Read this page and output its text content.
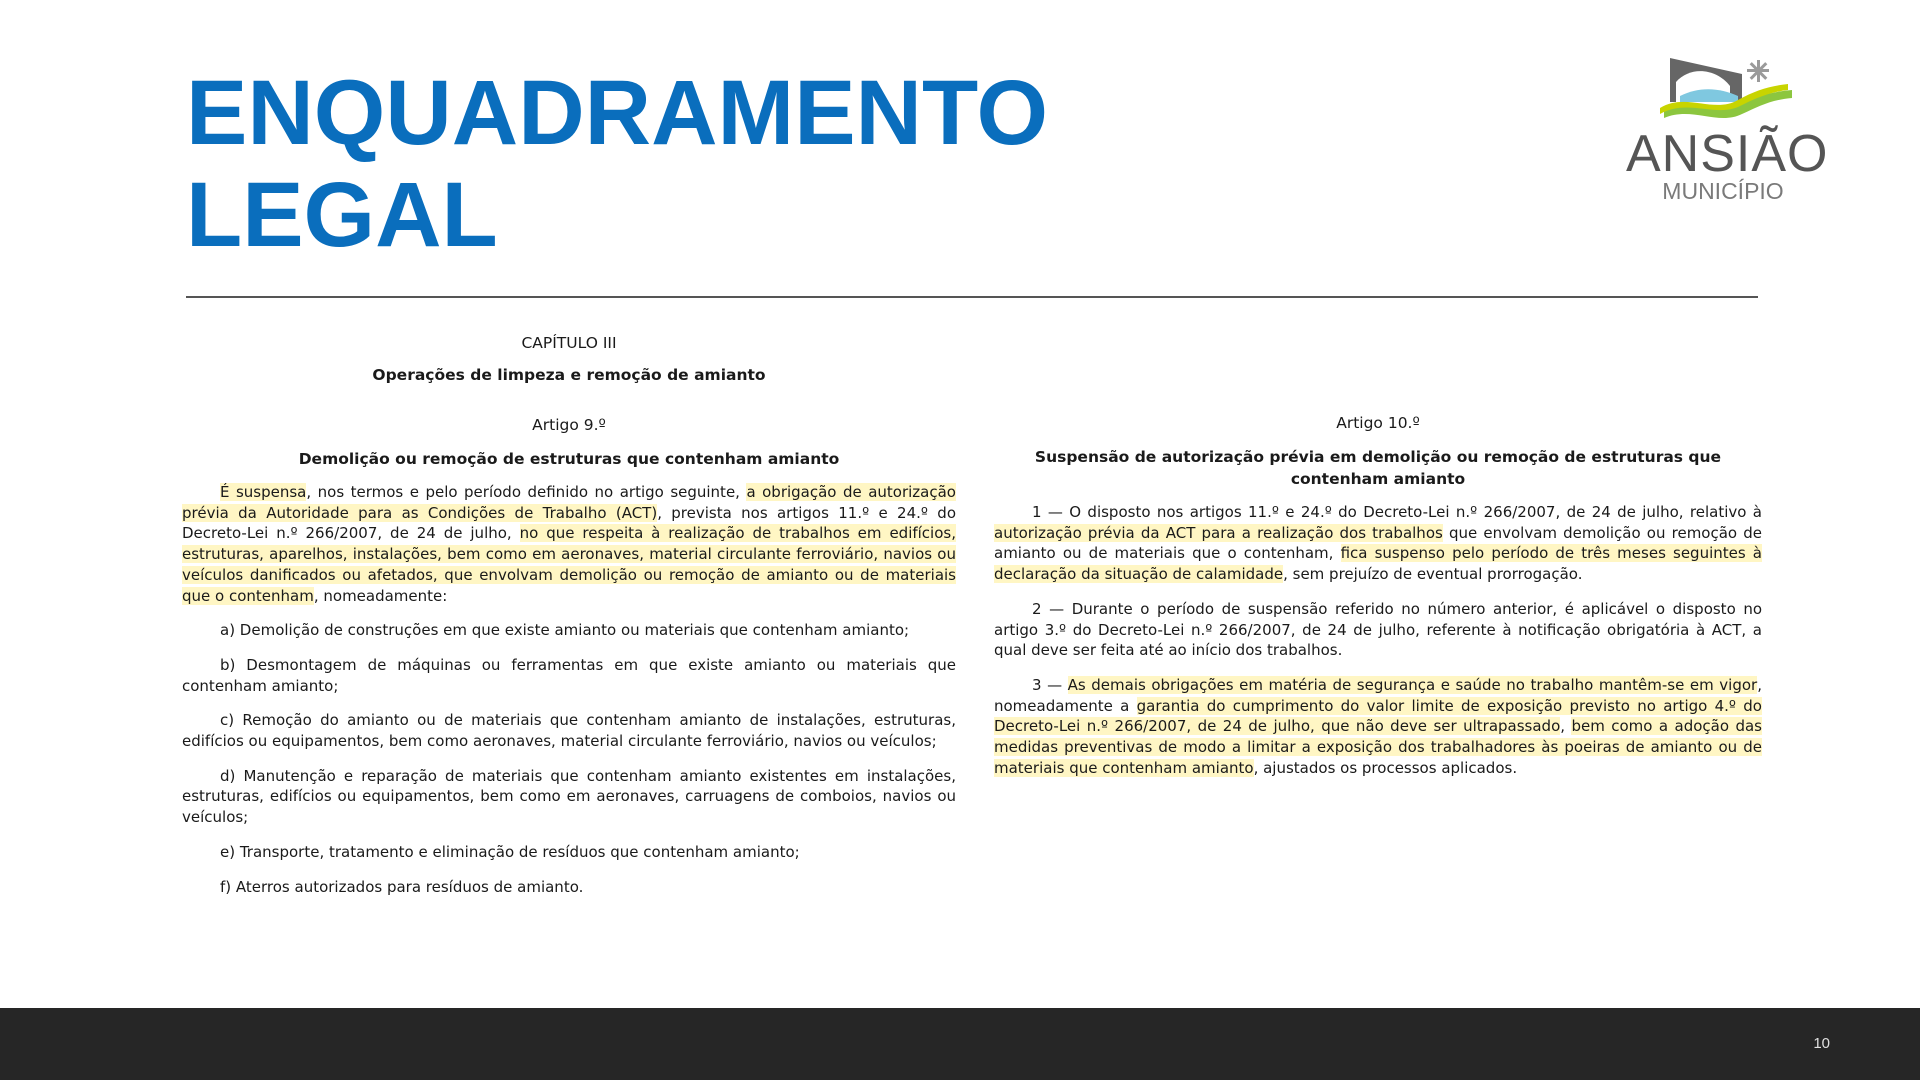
ENQUADRAMENTO
LEGAL
ANSIÃO
MUNICÍPIO
CAPÍTULO III
Operações de limpeza e remoção de amianto
Artigo 9.º
Demolição ou remoção de estruturas que contenham amianto

É suspensa, nos termos e pelo período definido no artigo seguinte, a obrigação de autorização prévia da Autoridade para as Condições de Trabalho (ACT), prevista nos artigos 11.º e 24.º do Decreto-Lei n.º 266/2007, de 24 de julho, no que respeita à realização de trabalhos em edifícios, estruturas, aparelhos, instalações, bem como em aeronaves, material circulante ferroviário, navios ou veículos danificados ou afetados, que envolvam demolição ou remoção de amianto ou de materiais que o contenham, nomeadamente:

a) Demolição de construções em que existe amianto ou materiais que contenham amianto;

b) Desmontagem de máquinas ou ferramentas em que existe amianto ou materiais que contenham amianto;

c) Remoção do amianto ou de materiais que contenham amianto de instalações, estruturas, edifícios ou equipamentos, bem como aeronaves, material circulante ferroviário, navios ou veículos;

d) Manutenção e reparação de materiais que contenham amianto existentes em instalações, estruturas, edifícios ou equipamentos, bem como em aeronaves, carruagens de comboios, navios ou veículos;

e) Transporte, tratamento e eliminação de resíduos que contenham amianto;

f) Aterros autorizados para resíduos de amianto.

Artigo 10.º
Suspensão de autorização prévia em demolição ou remoção de estruturas que contenham amianto

1 — O disposto nos artigos 11.º e 24.º do Decreto-Lei n.º 266/2007, de 24 de julho, relativo à autorização prévia da ACT para a realização dos trabalhos que envolvam demolição ou remoção de amianto ou de materiais que o contenham, fica suspenso pelo período de três meses seguintes à declaração da situação de calamidade, sem prejuízo de eventual prorrogação.

2 — Durante o período de suspensão referido no número anterior, é aplicável o disposto no artigo 3.º do Decreto-Lei n.º 266/2007, de 24 de julho, referente à notificação obrigatória à ACT, a qual deve ser feita até ao início dos trabalhos.

3 — As demais obrigações em matéria de segurança e saúde no trabalho mantêm-se em vigor, nomeadamente a garantia do cumprimento do valor limite de exposição previsto no artigo 4.º do Decreto-Lei n.º 266/2007, de 24 de julho, que não deve ser ultrapassado, bem como a adoção das medidas preventivas de modo a limitar a exposição dos trabalhadores às poeiras de amianto ou de materiais que contenham amianto, ajustados os processos aplicados.

10
